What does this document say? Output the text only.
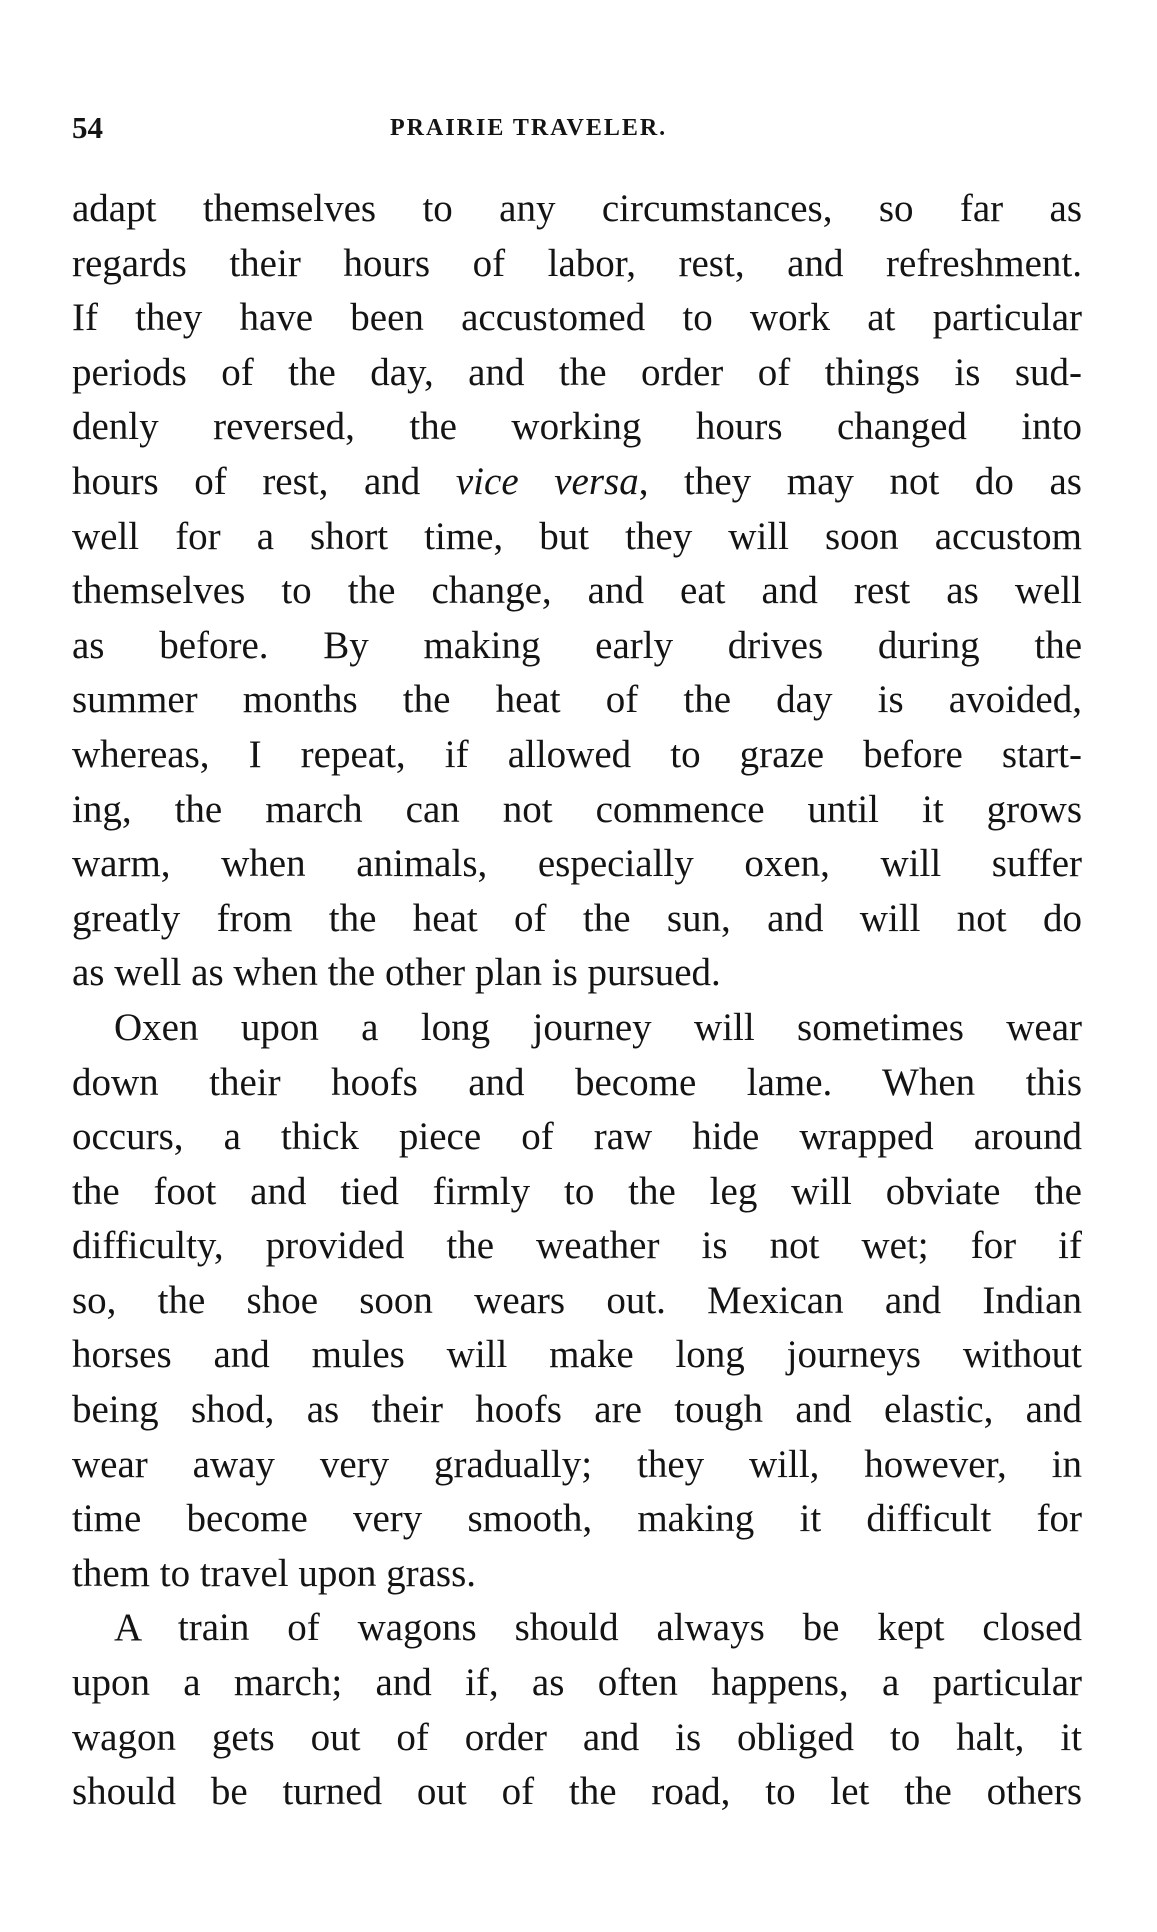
54	PRAIRIE TRAVELER.
adapt themselves to any circumstances, so far as
regards their hours of labor, rest, and refreshment.
If they have been accustomed to work at particular
periods of the day, and the order of things is sud-
denly reversed, the working hours changed into
hours of rest, and vice versa, they may not do as
well for a short time, but they will soon accustom
themselves to the change, and eat and rest as well
as before. By making early drives during the
summer months the heat of the day is avoided,
whereas, I repeat, if allowed to graze before start-
ing, the march can not commence until it grows
warm, when animals, especially oxen, will suffer
greatly from the heat of the sun, and will not do
as well as when the other plan is pursued.
Oxen upon a long journey will sometimes wear
down their hoofs and become lame. When this
occurs, a thick piece of raw hide wrapped around
the foot and tied firmly to the leg will obviate the
difficulty, provided the weather is not wet; for if
so, the shoe soon wears out. Mexican and Indian
horses and mules will make long journeys without
being shod, as their hoofs are tough and elastic, and
wear away very gradually; they will, however, in
time become very smooth, making it difficult for
them to travel upon grass.
A train of wagons should always be kept closed
upon a march; and if, as often happens, a particular
wagon gets out of order and is obliged to halt, it
should be turned out of the road, to let the others
